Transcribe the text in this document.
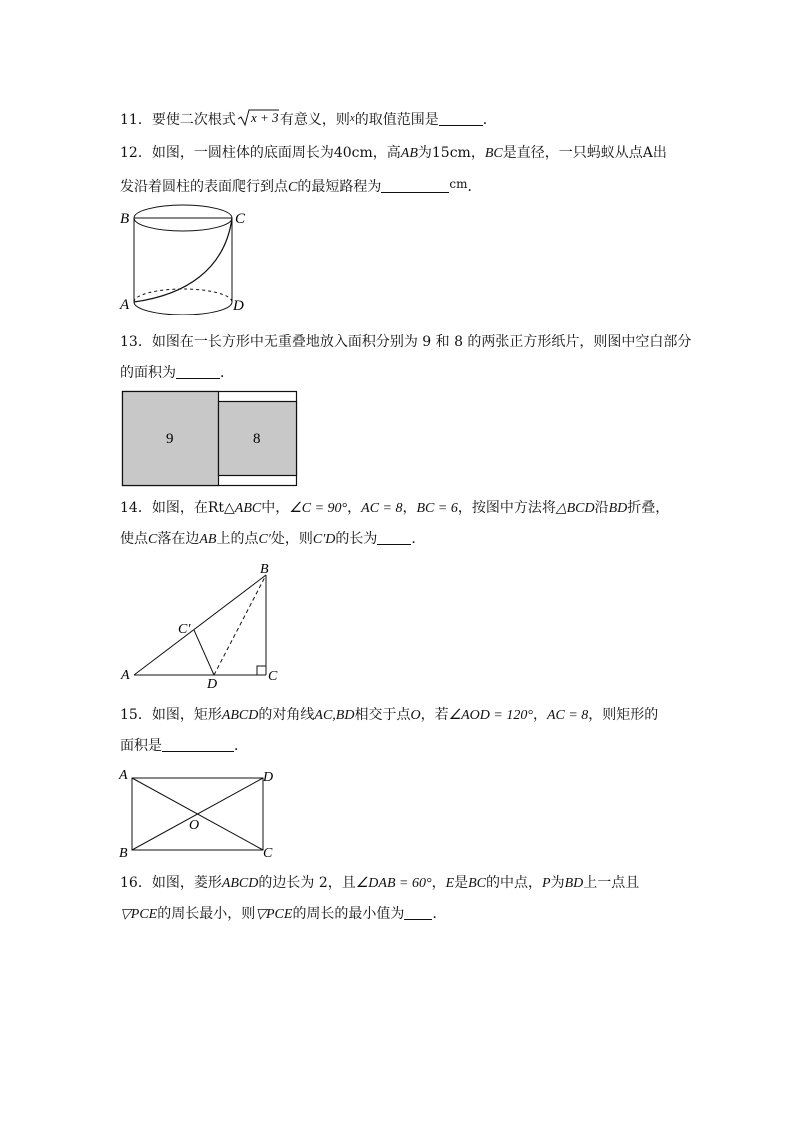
11．要使二次根式 x + 3 有意义，则$^x$的取值范围是	．
12．如图，一圆柱体的底面周长为40cm，高AB为15cm，BC是直径，一只蚂蚁从点A出
发沿着圆柱的表面爬行到点C的最短路程为	cm．
B	C
A	D
13．如图在一长方形中无重叠地放入面积分别为 9 和 8 的两张正方形纸片，则图中空白部分
的面积为	．
9	8
14．如图，在Rt△ABC中，∠C = 90°，AC = 8，BC = 6，按图中方法将△BCD沿BD折叠，
使点C落在边AB上的点C′处，则C′D的长为 ．
A
B
C
D
C′
15．如图，矩形ABCD的对角线AC,BD相交于点O，若∠AOD = 120°，AC = 8，则矩形的
面积是	．
A	D
B	C
O
16．如图，菱形ABCD的边长为 2，且∠DAB = 60°，E是BC的中点，P为BD上一点且
▽PCE的周长最小，则▽PCE的周长的最小值为 ．
